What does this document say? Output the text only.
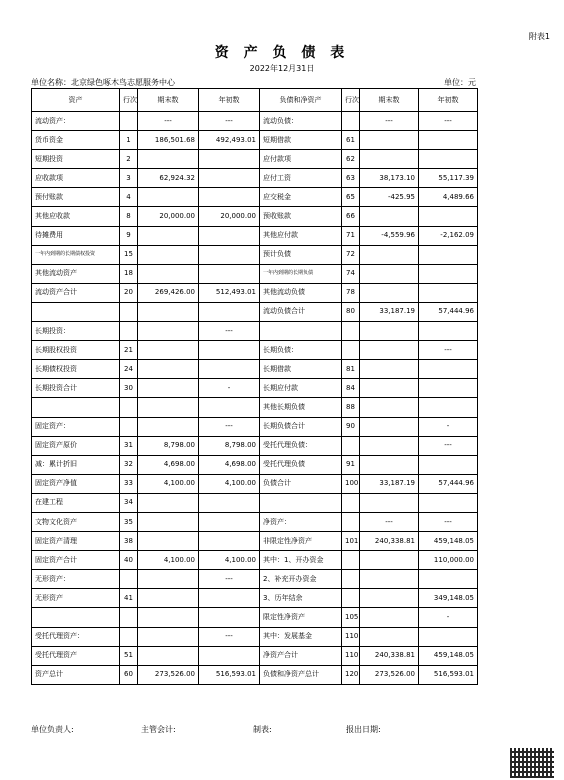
附表1
资 产 负 债 表
2022年12月31日
单位名称：北京绿色啄木鸟志愿服务中心	单位：元
资产	行次	期末数	年初数	负债和净资产	行次	期末数	年初数
流动资产：		---	---	流动负债：		---	---
货币资金	1	186,501.68	492,493.01	短期借款	61		
短期投资	2			应付款项	62		
应收款项	3	62,924.32		应付工资	63	38,173.10	55,117.39
预付账款	4			应交税金	65	-425.95	4,489.66
其他应收款	8	20,000.00	20,000.00	预收账款	66		
待摊费用	9			其他应付款	71	-4,559.96	-2,162.09
一年内到期的长期债权投资	15			预计负债	72		
其他流动资产	18			一年内到期的长期负债	74		
流动资产合计	20	269,426.00	512,493.01	其他流动负债	78		
				流动负债合计	80	33,187.19	57,444.96
长期投资：			---				
长期股权投资	21			长期负债：			---
长期债权投资	24			长期借款	81		
长期投资合计	30		-	长期应付款	84		
				其他长期负债	88		
固定资产：			---	长期负债合计	90		-
固定资产原价	31	8,798.00	8,798.00	受托代理负债：			---
减：累计折旧	32	4,698.00	4,698.00	受托代理负债	91		
固定资产净值	33	4,100.00	4,100.00	负债合计	100	33,187.19	57,444.96
在建工程	34						
文物文化资产	35			净资产：		---	---
固定资产清理	38			非限定性净资产	101	240,338.81	459,148.05
固定资产合计	40	4,100.00	4,100.00	其中：1、开办资金			110,000.00
无形资产：			---	2、补充开办资金			
无形资产	41			3、历年结余			349,148.05
				限定性净资产	105		-
受托代理资产：			---	其中：发展基金	110		
受托代理资产	51			净资产合计	110	240,338.81	459,148.05
资产总计	60	273,526.00	516,593.01	负债和净资产总计	120	273,526.00	516,593.01
单位负责人:	主管会计:	制表:	报出日期:
